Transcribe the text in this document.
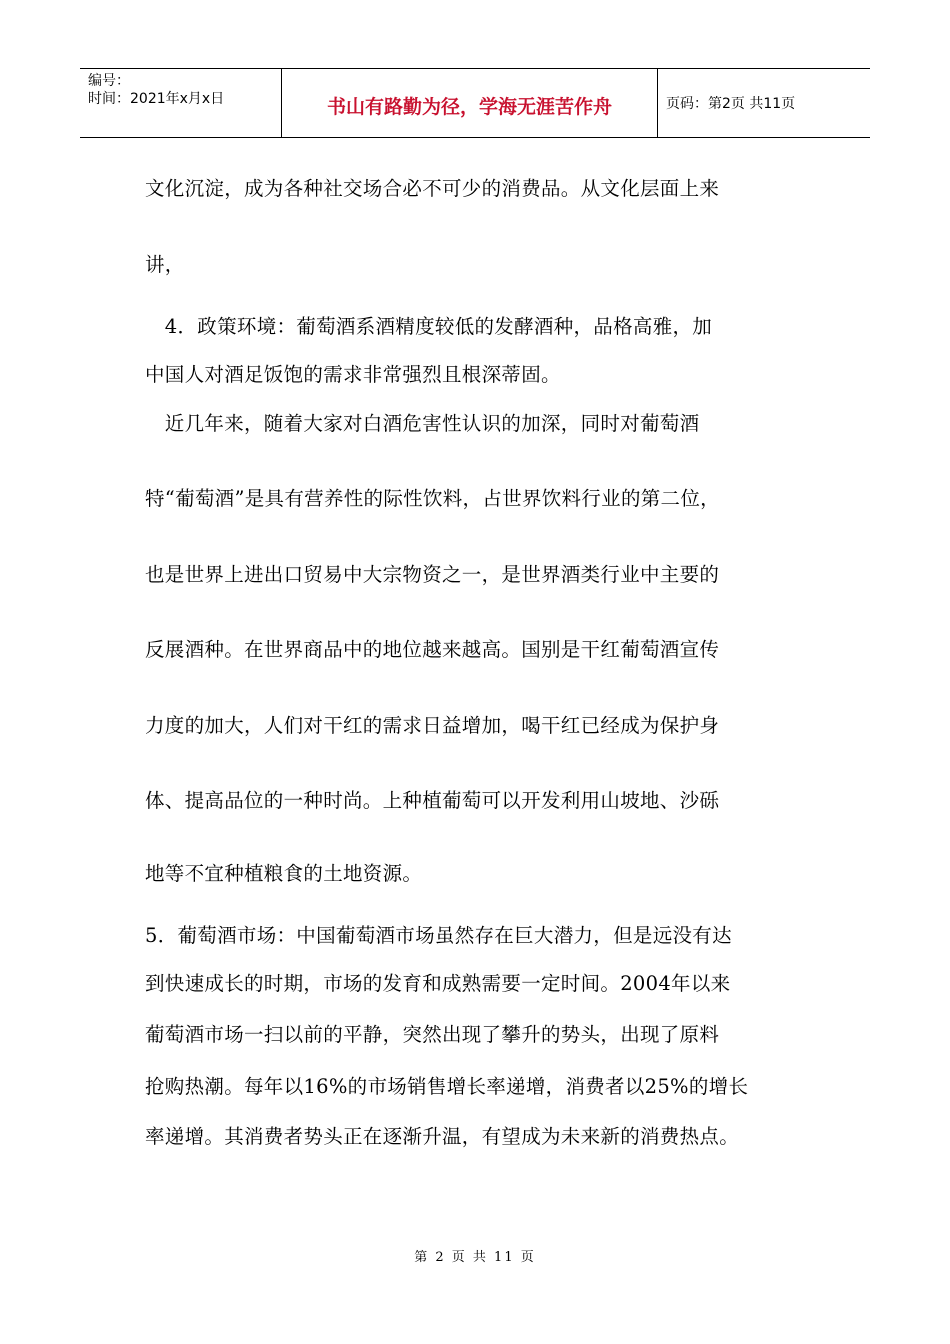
编号：
时间：2021年x月x日	书山有路勤为径，学海无涯苦作舟	页码：第2页 共11页
文化沉淀，成为各种社交场合必不可少的消费品。从文化层面上来
讲，
　4．政策环境：葡萄酒系酒精度较低的发酵酒种，品格高雅，加
中国人对酒足饭饱的需求非常强烈且根深蒂固。
　近几年来，随着大家对白酒危害性认识的加深，同时对葡萄酒
特“葡萄酒”是具有营养性的际性饮料，占世界饮料行业的第二位，
也是世界上进出口贸易中大宗物资之一，是世界酒类行业中主要的
反展酒种。在世界商品中的地位越来越高。国别是干红葡萄酒宣传
力度的加大，人们对干红的需求日益增加，喝干红已经成为保护身
体、提高品位的一种时尚。上种植葡萄可以开发利用山坡地、沙砾
地等不宜种植粮食的土地资源。
5．葡萄酒市场：中国葡萄酒市场虽然存在巨大潜力，但是远没有达
到快速成长的时期，市场的发育和成熟需要一定时间。2004年以来
葡萄酒市场一扫以前的平静，突然出现了攀升的势头，出现了原料
抢购热潮。每年以16%的市场销售增长率递增，消费者以25%的增长
率递增。其消费者势头正在逐渐升温，有望成为未来新的消费热点。
第 2 页 共 11 页
